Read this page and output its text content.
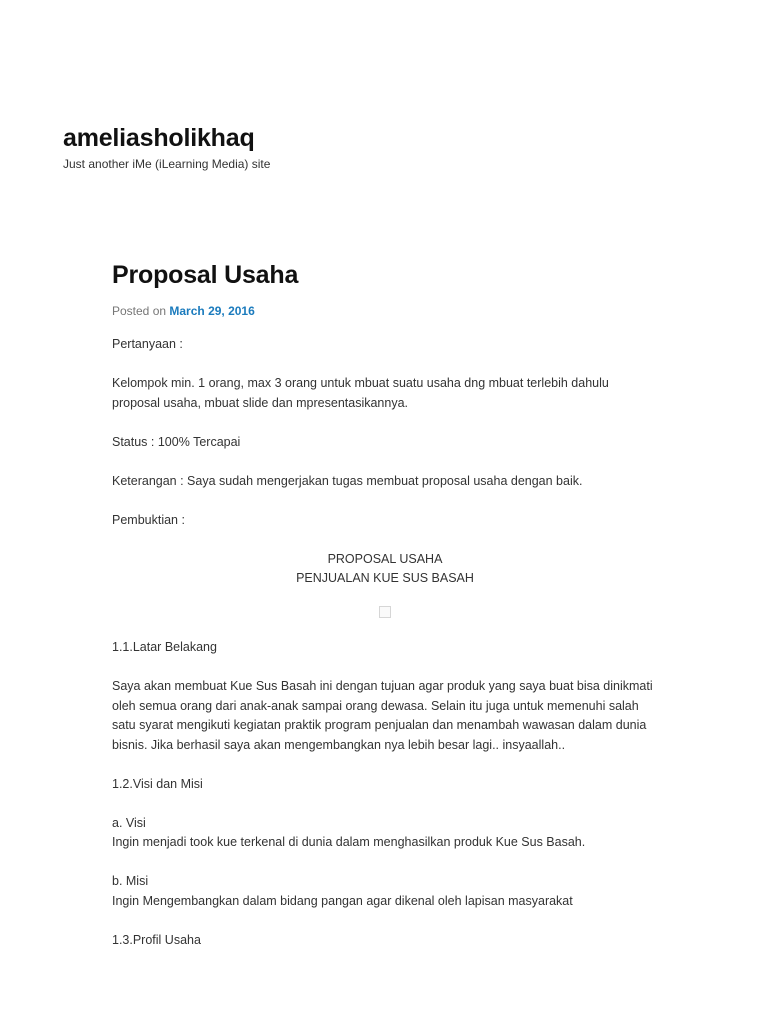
ameliasholikhaq

Just another iMe (iLearning Media) site

Proposal Usaha
Posted on March 29, 2016

Pertanyaan :

Kelompok min. 1 orang, max 3 orang untuk mbuat suatu usaha dng mbuat terlebih dahulu
proposal usaha, mbuat slide dan mpresentasikannya.

Status : 100% Tercapai

Keterangan : Saya sudah mengerjakan tugas membuat proposal usaha dengan baik.

Pembuktian :

PROPOSAL USAHA
PENJUALAN KUE SUS BASAH

1.1.Latar Belakang

Saya akan membuat Kue Sus Basah ini dengan tujuan agar produk yang saya buat bisa dinikmati
oleh semua orang dari anak-anak sampai orang dewasa. Selain itu juga untuk memenuhi salah
satu syarat mengikuti kegiatan praktik program penjualan dan menambah wawasan dalam dunia
bisnis. Jika berhasil saya akan mengembangkan nya lebih besar lagi.. insyaallah..

1.2.Visi dan Misi

a. Visi
Ingin menjadi took kue terkenal di dunia dalam menghasilkan produk Kue Sus Basah.

b. Misi
Ingin Mengembangkan dalam bidang pangan agar dikenal oleh lapisan masyarakat

1.3.Profil Usaha
